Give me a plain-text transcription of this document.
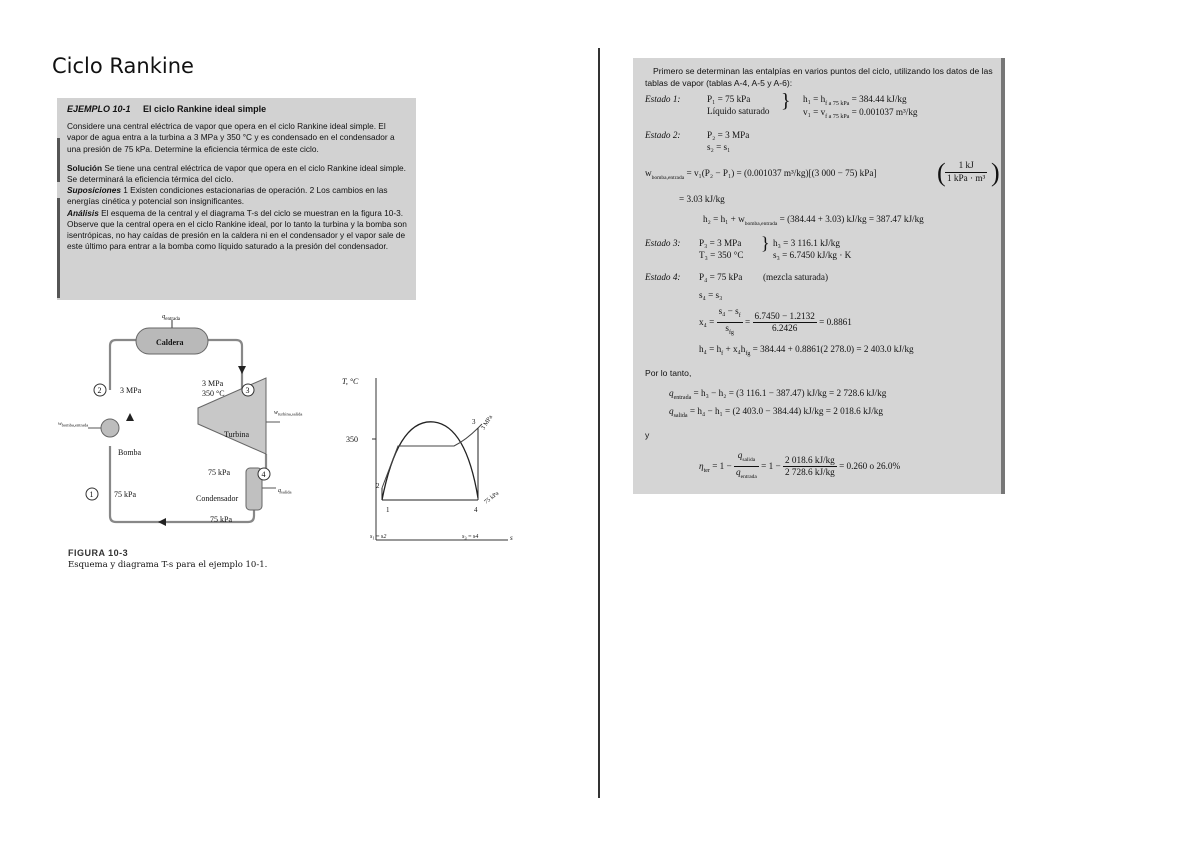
Ciclo Rankine
EJEMPLO 10-1 El ciclo Rankine ideal simple

Considere una central eléctrica de vapor que opera en el ciclo Rankine ideal simple. El vapor de agua entra a la turbina a 3 MPa y 350 °C y es condensado en el condensador a una presión de 75 kPa. Determine la eficiencia térmica de este ciclo.

Solución Se tiene una central eléctrica de vapor que opera en el ciclo Rankine ideal simple. Se determinará la eficiencia térmica del ciclo.
Suposiciones 1 Existen condiciones estacionarias de operación. 2 Los cambios en las energías cinética y potencial son insignificantes.
Análisis El esquema de la central y el diagrama T-s del ciclo se muestran en la figura 10-3. Observe que la central opera en el ciclo Rankine ideal, por lo tanto la turbina y la bomba son isentrópicas, no hay caídas de presión en la caldera ni en el condensador y el vapor sale de este último para entrar a la bomba como líquido saturado a la presión del condensador.

Caldera
$q_{entrada}$
Turbina
$w_{turbina,salida}$
Condensador
$q_{salida}$
$w_{bomba,entrada}$
Bomba
2 3 MPa	3
3 MPa
350 °C
4
75 kPa
1	75 kPa
75 kPa
T, °C
350
1
2
3
4
3 MPa
75 kPa
$s_1 = s2$	$s_3 = s4$	s
FIGURA 10-3
Esquema y diagrama T-s para el ejemplo 10-1.

Primero se determinan las entalpías en varios puntos del ciclo, utilizando los datos de las tablas de vapor (tablas A-4, A-5 y A-6):

Estado 1:	P₁ = 75 kPa
Líquido saturado } $h_1 = h_{f a 75 kPa} = 384.44$ kJ/kg
$v_1 = v_{f a 75 kPa} = 0.001037$ m³/kg
Estado 2:	P₂ = 3 MPa
s₂ = s₁
$w_{bomba,entrada} = v_1(P_2 - P_1) = (0.001037$ m³/kg)[(3 000 − 75) kPa] ( $\frac{1 kJ}{\text{1 kPa · m³}}$ )
= 3.03 kJ/kg
$h_2 = h_1 + w_{bomba,entrada} = (384.44 + 3.03) kJ/kg = 387.47$ kJ/kg
Estado 3: P₃ = 3 MPa
T₃ = 350 °C
} h₃ = 3 116.1 kJ/kg
s₃ = 6.7450 kJ/kg · K
Estado 4: P₄ = 75 kPa (mezcla saturada)
s₄ = s₃
$x_4 = \frac{s_4 - s_f}{s_{fg}} = \frac{6.7450 - 1.2132}{6.2426} = 0.8861$
$h_4 = h_f + x_4h_{fg} = 384.44 + 0.8861(2$ 278.0) = 2 403.0 kJ/kg
Por lo tanto,
$q_{entrada} = h_3 - h_2 = (3$ 116.1 − 387.47) kJ/kg = 2 728.6 kJ/kg
$q_{salida} = h_4 - h_1 = (2$ 403.0 − 384.44) kJ/kg = 2 018.6 kJ/kg
y
$\eta_{ter} = 1 - \frac{q_{salida}}{q_{entrada}} = 1 - \frac{2 018.6 kJ/kg}{2 728.6 kJ/kg} = 0.260$ o 26.0%
